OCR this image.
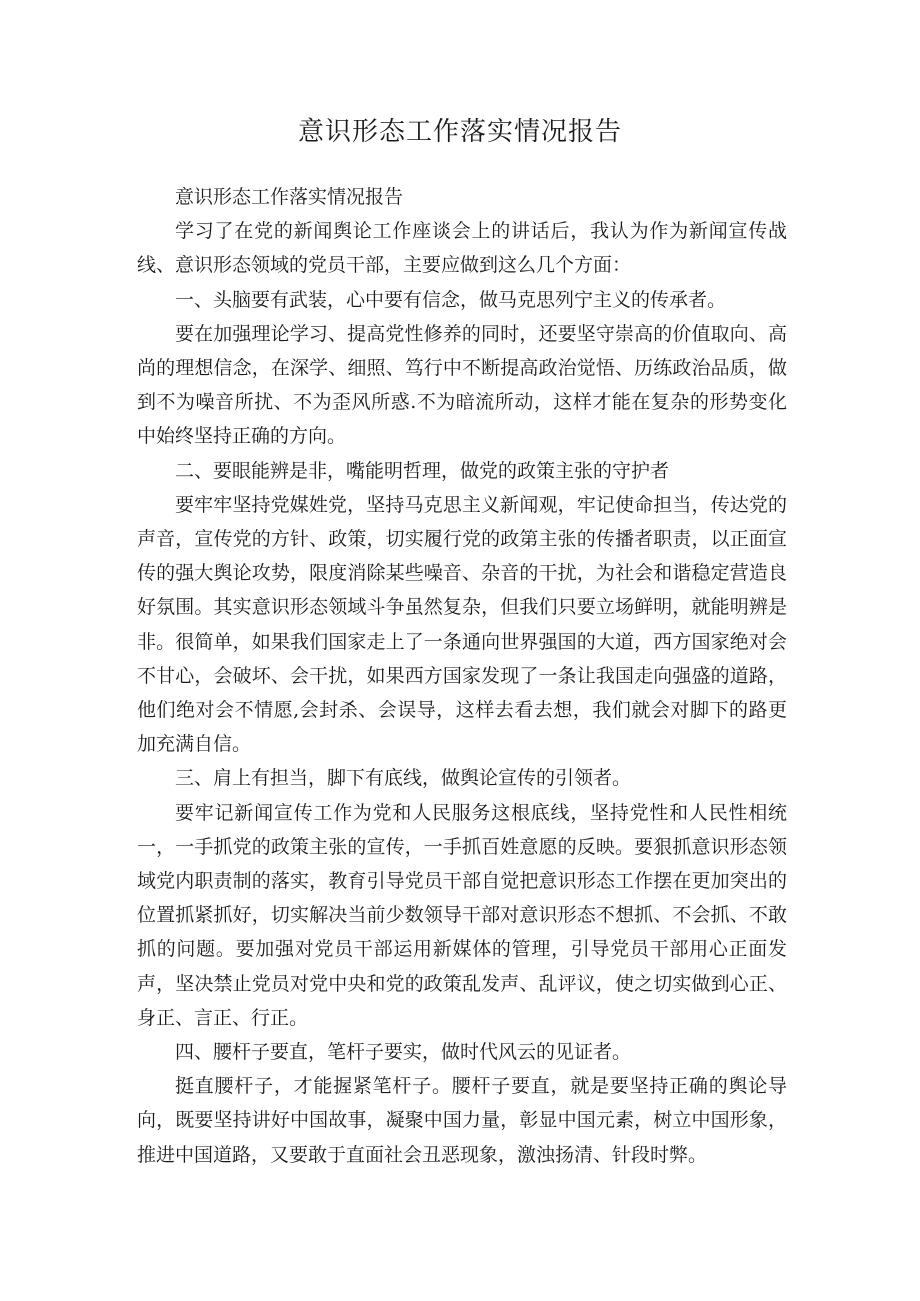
意识形态工作落实情况报告

意识形态工作落实情况报告

学习了在党的新闻舆论工作座谈会上的讲话后，我认为作为新闻宣传战线、意识形态领域的党员干部，主要应做到这么几个方面：

一、头脑要有武装，心中要有信念，做马克思列宁主义的传承者。

要在加强理论学习、提高党性修养的同时，还要坚守崇高的价值取向、高尚的理想信念，在深学、细照、笃行中不断提高政治觉悟、历练政治品质，做到不为噪音所扰、不为歪风所惑.不为暗流所动，这样才能在复杂的形势变化中始终坚持正确的方向。

二、要眼能辨是非，嘴能明哲理，做党的政策主张的守护者

要牢牢坚持党媒姓党，坚持马克思主义新闻观，牢记使命担当，传达党的声音，宣传党的方针、政策，切实履行党的政第主张的传播者职责，以正面宣传的强大舆论攻势，限度消除某些噪音、杂音的干扰，为社会和谐稳定营造良好氛围。其实意识形态领域斗争虽然复杂，但我们只要立场鲜明，就能明辨是非。很简单，如果我们国家走上了一条通向世界强国的大道，西方国家绝对会不甘心，会破坏、会干扰，如果西方国家发现了一条让我国走向强盛的道路，他们绝对会不情愿,会封杀、会误导，这样去看去想，我们就会对脚下的路更加充满自信。

三、肩上有担当，脚下有底线，做舆论宣传的引领者。

要牢记新闻宣传工作为党和人民服务这根底线，坚持党性和人民性相统一，一手抓党的政策主张的宣传，一手抓百姓意愿的反映。要狠抓意识形态领域党内职责制的落实，教育引导党员干部自觉把意识形态工作摆在更加突出的位置抓紧抓好，切实解决当前少数领导干部对意识形态不想抓、不会抓、不敢抓的问题。要加强对党员干部运用新媒体的管理，引导党员干部用心正面发声，坚决禁止党员对党中央和党的政策乱发声、乱评议，使之切实做到心正、身正、言正、行正。

四、腰杆子要直，笔杆子要实，做时代风云的见证者。

挺直腰杆子，才能握紧笔杆子。腰杆子要直，就是要坚持正确的舆论导向，既要坚持讲好中国故事，凝聚中国力量，彰显中国元素，树立中国形象，推进中国道路，又要敢于直面社会丑恶现象，激浊扬清、针段时弊。
